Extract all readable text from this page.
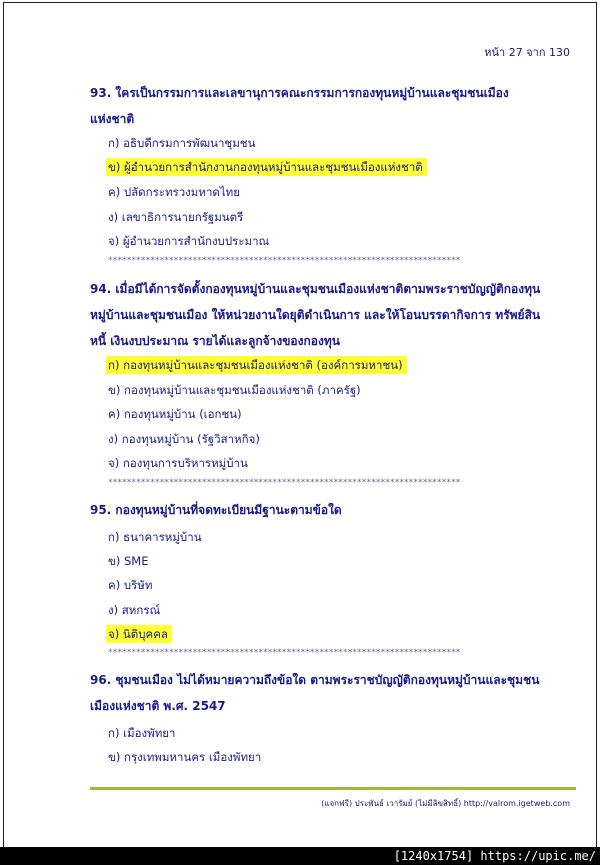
หน้า 27 จาก 130
93. ใครเป็นกรรมการและเลขานุการคณะกรรมการกองทุนหมู่บ้านและชุมชนเมือง
แห่งชาติ
ก) อธิบดีกรมการพัฒนาชุมชน
ข) ผู้อำนวยการสำนักงานกองทุนหมู่บ้านและชุมชนเมืองแห่งชาติ
ค) ปลัดกระทรวงมหาดไทย
ง) เลขาธิการนายกรัฐมนตรี
จ) ผู้อำนวยการสำนักงบประมาณ
***************************************************************************
94. เมื่อมีได้การจัดตั้งกองทุนหมู่บ้านและชุมชนเมืองแห่งชาติตามพระราชบัญญัติกองทุน
หมู่บ้านและชุมชนเมือง ให้หน่วยงานใดยุติดำเนินการ และให้โอนบรรดากิจการ ทรัพย์สิน
หนี้ เงินงบประมาณ รายได้และลูกจ้างของกองทุน
ก) กองทุนหมู่บ้านและชุมชนเมืองแห่งชาติ (องค์การมหาชน)
ข) กองทุนหมู่บ้านและชุมชนเมืองแห่งชาติ (ภาครัฐ)
ค) กองทุนหมู่บ้าน (เอกชน)
ง) กองทุนหมู่บ้าน (รัฐวิสาหกิจ)
จ) กองทุนการบริหารหมู่บ้าน
***************************************************************************
95. กองทุนหมู่บ้านที่จดทะเบียนมีฐานะตามข้อใด
ก) ธนาคารหมู่บ้าน
ข) SME
ค) บริษัท
ง) สหกรณ์
จ) นิติบุคคล
***************************************************************************
96. ชุมชนเมือง ไม่ได้หมายความถึงข้อใด ตามพระราชบัญญัติกองทุนหมู่บ้านและชุมชน
เมืองแห่งชาติ พ.ศ. 2547
ก) เมืองพัทยา
ข) กรุงเทพมหานคร เมืองพัทยา
(แจกฟรี) ประพันธ์ เวารัมย์ (ไม่มีลิขสิทธิ์) http://valrom.igetweb.com
[1240x1754] https://upic.me/
